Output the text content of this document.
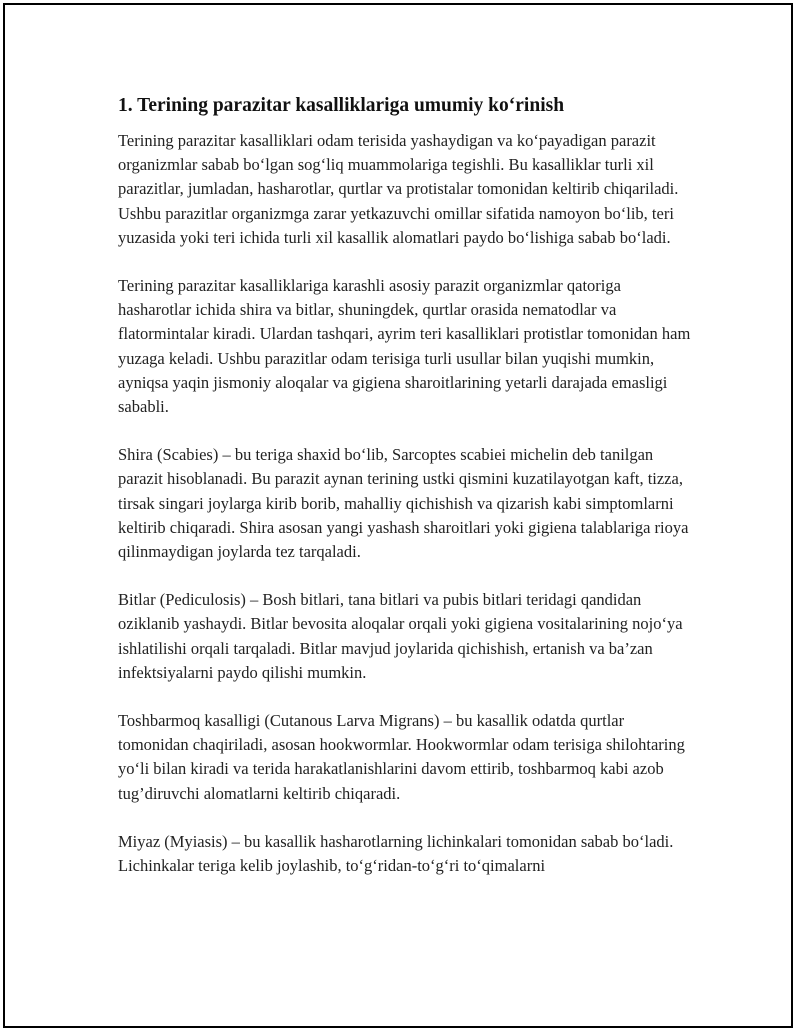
1. Terining parazitar kasalliklariga umumiy ko‘rinish

Terining parazitar kasalliklari odam terisida yashaydigan va ko‘payadigan parazit organizmlar sabab bo‘lgan sog‘liq muammolariga tegishli. Bu kasalliklar turli xil parazitlar, jumladan, hasharotlar, qurtlar va protistalar tomonidan keltirib chiqariladi. Ushbu parazitlar organizmga zarar yetkazuvchi omillar sifatida namoyon bo‘lib, teri yuzasida yoki teri ichida turli xil kasallik alomatlari paydo bo‘lishiga sabab bo‘ladi.

Terining parazitar kasalliklariga karashli asosiy parazit organizmlar qatoriga hasharotlar ichida shira va bitlar, shuningdek, qurtlar orasida nematodlar va flatormintalar kiradi. Ulardan tashqari, ayrim teri kasalliklari protistlar tomonidan ham yuzaga keladi. Ushbu parazitlar odam terisiga turli usullar bilan yuqishi mumkin, ayniqsa yaqin jismoniy aloqalar va gigiena sharoitlarining yetarli darajada emasligi sababli.

Shira (Scabies) – bu teriga shaxid bo‘lib, Sarcoptes scabiei michelin deb tanilgan parazit hisoblanadi. Bu parazit aynan terining ustki qismini kuzatilayotgan kaft, tizza, tirsak singari joylarga kirib borib, mahalliy qichishish va qizarish kabi simptomlarni keltirib chiqaradi. Shira asosan yangi yashash sharoitlari yoki gigiena talablariga rioya qilinmaydigan joylarda tez tarqaladi.

Bitlar (Pediculosis) – Bosh bitlari, tana bitlari va pubis bitlari teridagi qandidan oziklanib yashaydi. Bitlar bevosita aloqalar orqali yoki gigiena vositalarining nojo‘ya ishlatilishi orqali tarqaladi. Bitlar mavjud joylarida qichishish, ertanish va ba’zan infektsiyalarni paydo qilishi mumkin.

Toshbarmoq kasalligi (Cutanous Larva Migrans) – bu kasallik odatda qurtlar tomonidan chaqiriladi, asosan hookwormlar. Hookwormlar odam terisiga shilohtaring yo‘li bilan kiradi va terida harakatlanishlarini davom ettirib, toshbarmoq kabi azob tug’diruvchi alomatlarni keltirib chiqaradi.

Miyaz (Myiasis) – bu kasallik hasharotlarning lichinkalari tomonidan sabab bo‘ladi. Lichinkalar teriga kelib joylashib, to‘g‘ridan-to‘g‘ri to‘qimalarni
